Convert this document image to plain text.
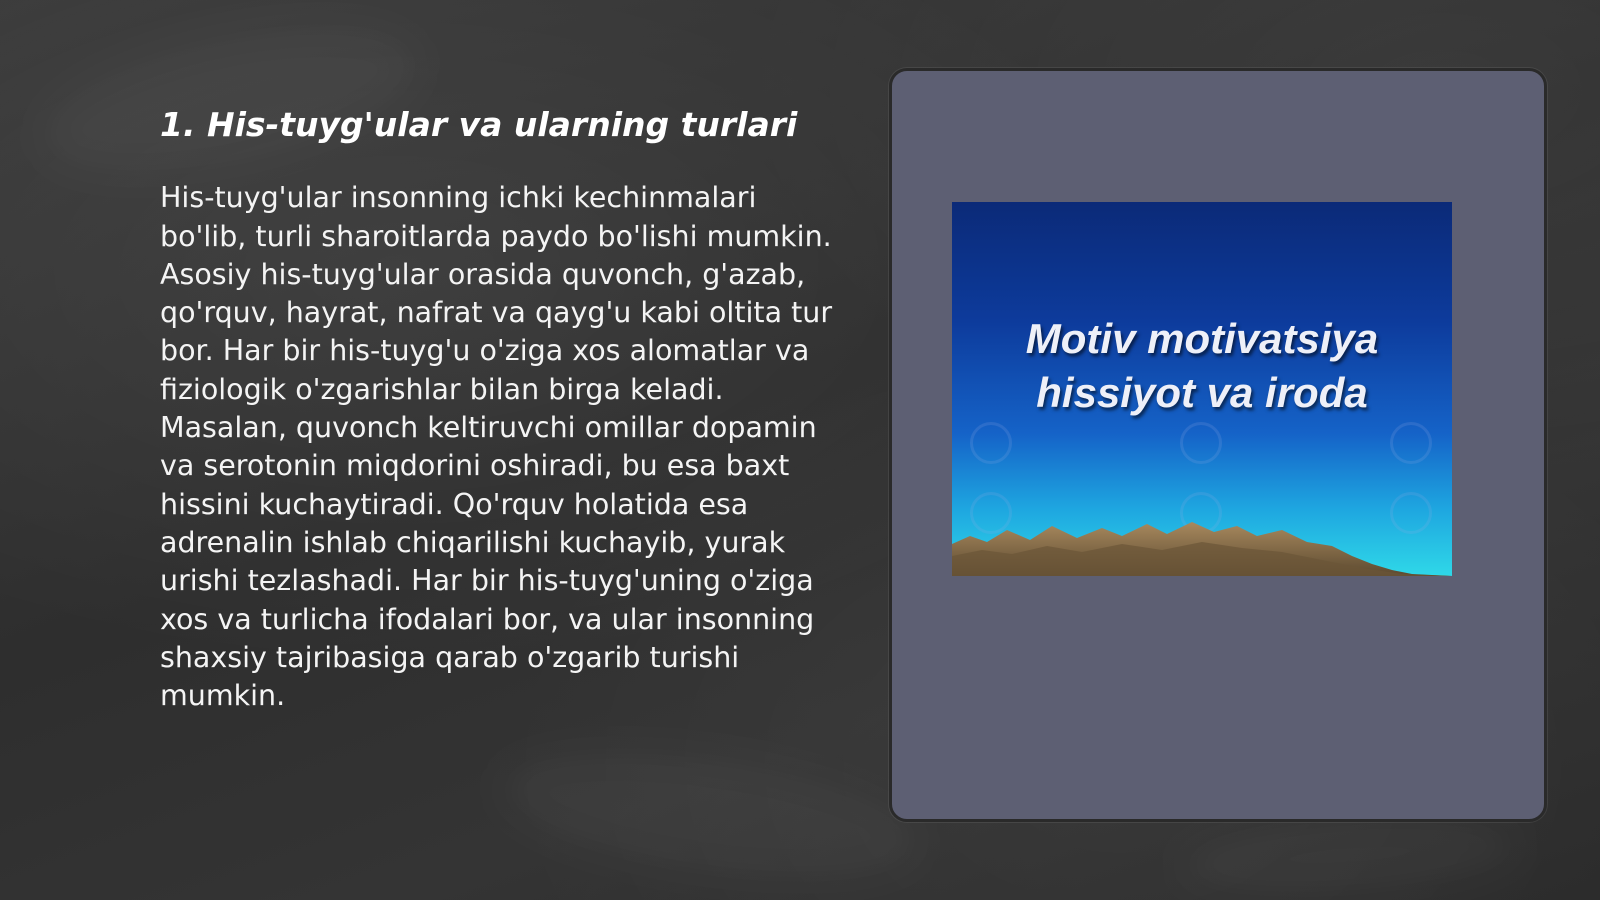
1. His-tuyg'ular va ularning turlari

His-tuyg'ular insonning ichki kechinmalari bo'lib, turli sharoitlarda paydo bo'lishi mumkin. Asosiy his-tuyg'ular orasida quvonch, g'azab, qo'rquv, hayrat, nafrat va qayg'u kabi oltita tur bor. Har bir his-tuyg'u o'ziga xos alomatlar va fiziologik o'zgarishlar bilan birga keladi. Masalan, quvonch keltiruvchi omillar dopamin va serotonin miqdorini oshiradi, bu esa baxt hissini kuchaytiradi. Qo'rquv holatida esa adrenalin ishlab chiqarilishi kuchayib, yurak urishi tezlashadi. Har bir his-tuyg'uning o'ziga xos va turlicha ifodalari bor, va ular insonning shaxsiy tajribasiga qarab o'zgarib turishi mumkin.

Motiv motivatsiya
hissiyot va iroda
